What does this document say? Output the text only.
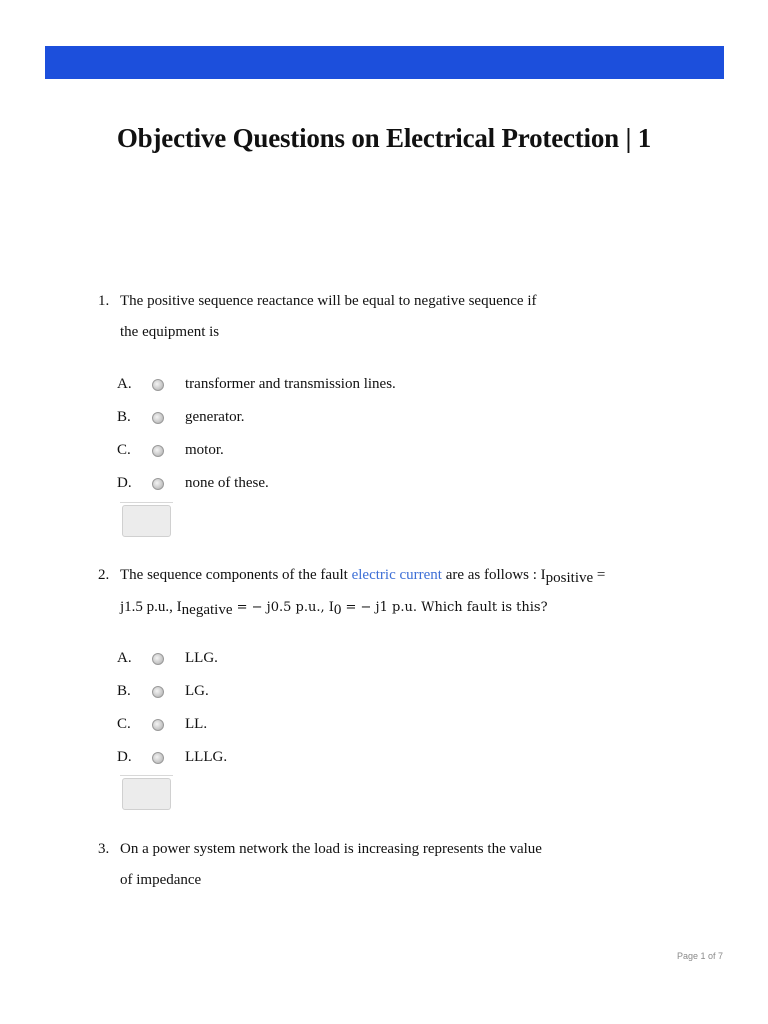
Objective Questions on Electrical Protection | 1
1. The positive sequence reactance will be equal to negative sequence if
the equipment is
A.	transformer and transmission lines.
B.	generator.
C.	motor.
D.	none of these.
2. The sequence components of the fault electric current are as follows : Ipositive =
j1.5 p.u., Inegative = − j0.5 p.u., I0 = − j1 p.u. Which fault is this?
A.	LLG.
B.	LG.
C.	LL.
D.	LLLG.
3. On a power system network the load is increasing represents the value
of impedance
Page 1 of 7
